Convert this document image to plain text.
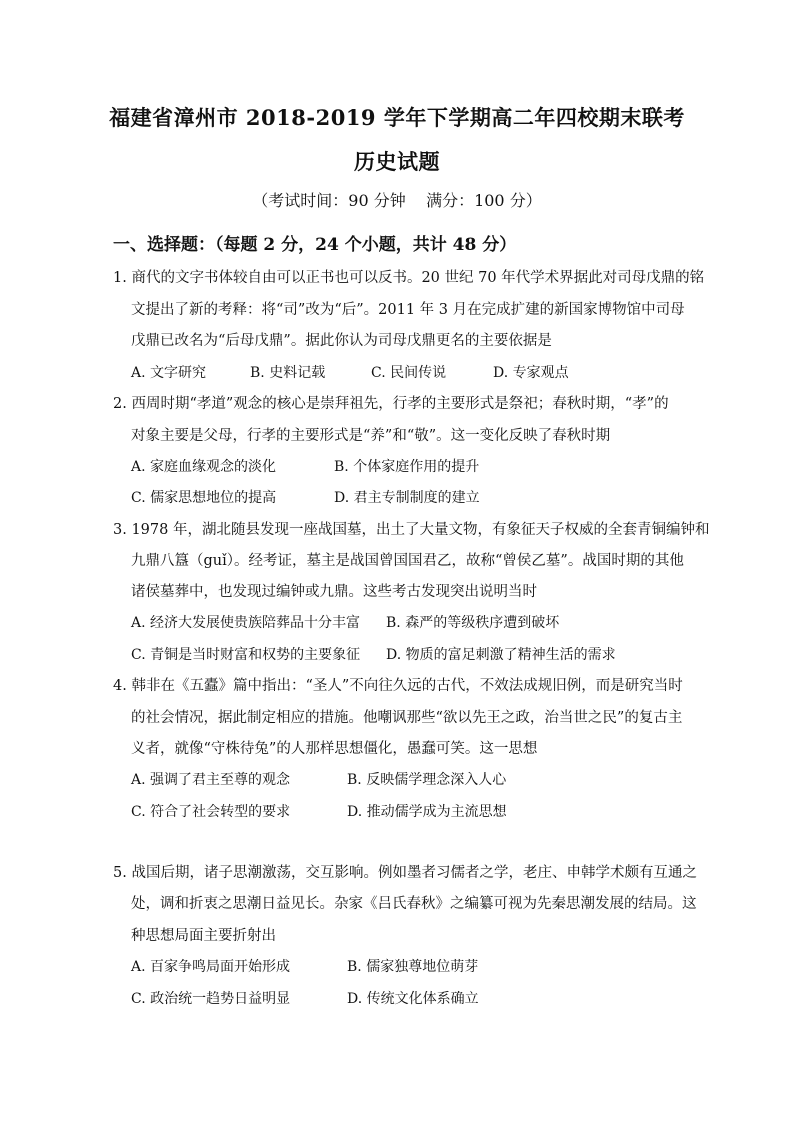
福建省漳州市 2018-2019 学年下学期高二年四校期末联考
历史试题
（考试时间：90 分钟    满分：100 分）
一、选择题：（每题 2 分，24 个小题，共计 48 分）
1. 商代的文字书体较自由可以正书也可以反书。20 世纪 70 年代学术界据此对司母戊鼎的铭
文提出了新的考释：将“司”改为“后”。2011 年 3 月在完成扩建的新国家博物馆中司母
戊鼎已改名为“后母戊鼎”。据此你认为司母戊鼎更名的主要依据是
A. 文字研究	B. 史料记载	C. 民间传说	D. 专家观点
2. 西周时期“孝道”观念的核心是崇拜祖先，行孝的主要形式是祭祀；春秋时期，“孝”的
对象主要是父母，行孝的主要形式是“养”和“敬”。这一变化反映了春秋时期
A. 家庭血缘观念的淡化	B. 个体家庭作用的提升
C. 儒家思想地位的提高	D. 君主专制制度的建立
3. 1978 年，湖北随县发现一座战国墓，出土了大量文物，有象征天子权威的全套青铜编钟和
九鼎八簋（guǐ）。经考证，墓主是战国曾国国君乙，故称“曾侯乙墓”。战国时期的其他
诸侯墓葬中，也发现过编钟或九鼎。这些考古发现突出说明当时
A. 经济大发展使贵族陪葬品十分丰富 B. 森严的等级秩序遭到破坏
C. 青铜是当时财富和权势的主要象征 D. 物质的富足刺激了精神生活的需求
4. 韩非在《五蠹》篇中指出：“圣人”不向往久远的古代，不效法成规旧例，而是研究当时
的社会情况，据此制定相应的措施。他嘲讽那些“欲以先王之政，治当世之民”的复古主
义者，就像“守株待兔”的人那样思想僵化，愚蠢可笑。这一思想
A. 强调了君主至尊的观念	B. 反映儒学理念深入人心
C. 符合了社会转型的要求	D. 推动儒学成为主流思想
5. 战国后期，诸子思潮激荡，交互影响。例如墨者习儒者之学，老庄、申韩学术颇有互通之
处，调和折衷之思潮日益见长。杂家《吕氏春秋》之编纂可视为先秦思潮发展的结局。这
种思想局面主要折射出
A. 百家争鸣局面开始形成	B. 儒家独尊地位萌芽
C. 政治统一趋势日益明显	D. 传统文化体系确立
